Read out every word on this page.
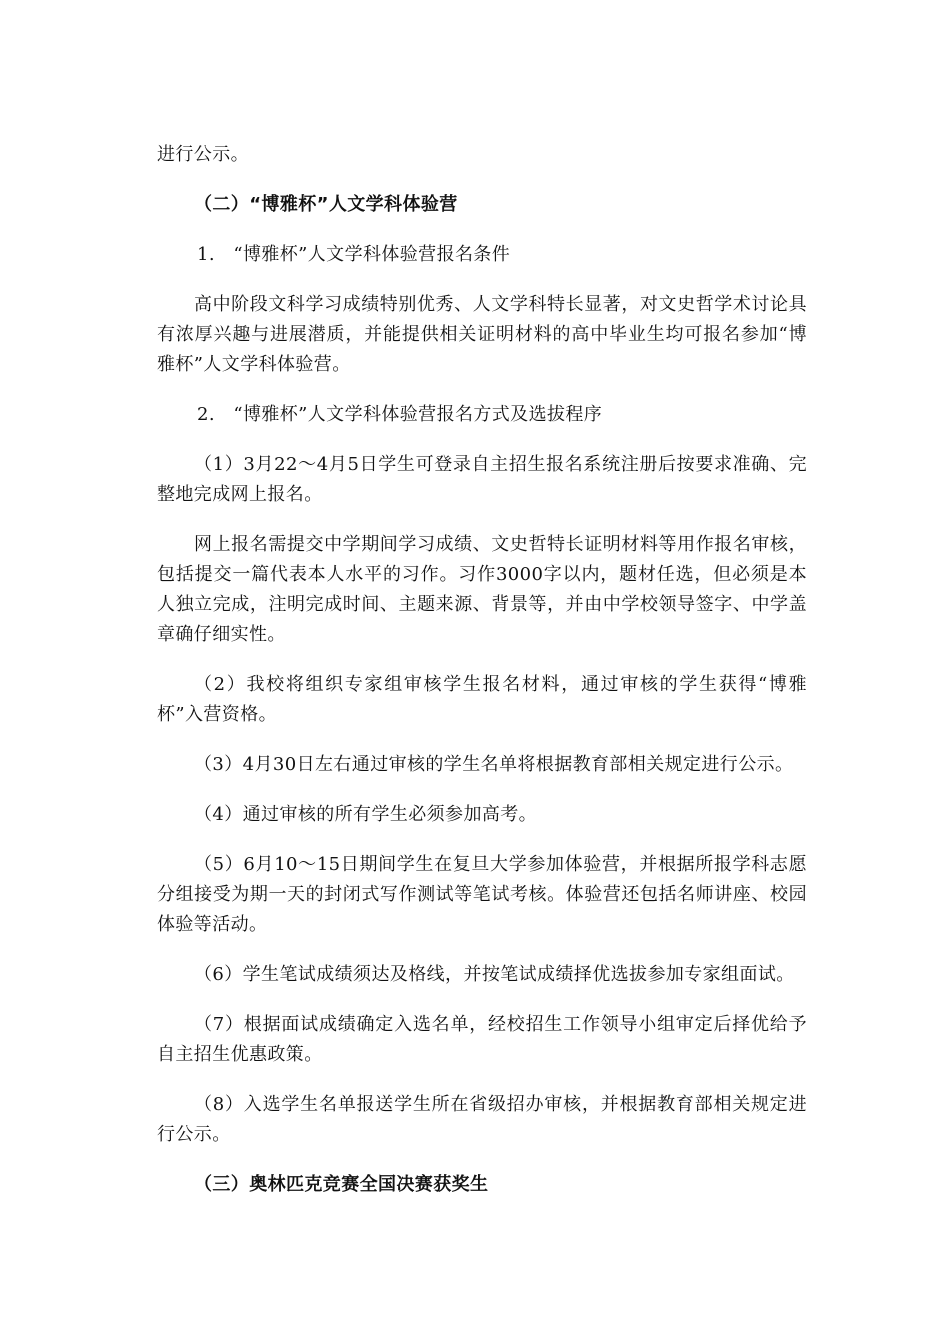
进行公示。

（二）“博雅杯”人文学科体验营

1.　“博雅杯”人文学科体验营报名条件

高中阶段文科学习成绩特别优秀、人文学科特长显著，对文史哲学术讨论具有浓厚兴趣与进展潜质，并能提供相关证明材料的高中毕业生均可报名参加“博雅杯”人文学科体验营。

2.　“博雅杯”人文学科体验营报名方式及选拔程序

（1）3月22～4月5日学生可登录自主招生报名系统注册后按要求准确、完整地完成网上报名。

网上报名需提交中学期间学习成绩、文史哲特长证明材料等用作报名审核，包括提交一篇代表本人水平的习作。习作3000字以内，题材任选，但必须是本人独立完成，注明完成时间、主题来源、背景等，并由中学校领导签字、中学盖章确仔细实性。

（2）我校将组织专家组审核学生报名材料，通过审核的学生获得“博雅杯”入营资格。

（3）4月30日左右通过审核的学生名单将根据教育部相关规定进行公示。

（4）通过审核的所有学生必须参加高考。

（5）6月10～15日期间学生在复旦大学参加体验营，并根据所报学科志愿分组接受为期一天的封闭式写作测试等笔试考核。体验营还包括名师讲座、校园体验等活动。

（6）学生笔试成绩须达及格线，并按笔试成绩择优选拔参加专家组面试。

（7）根据面试成绩确定入选名单，经校招生工作领导小组审定后择优给予自主招生优惠政策。

（8）入选学生名单报送学生所在省级招办审核，并根据教育部相关规定进行公示。

（三）奥林匹克竞赛全国决赛获奖生
